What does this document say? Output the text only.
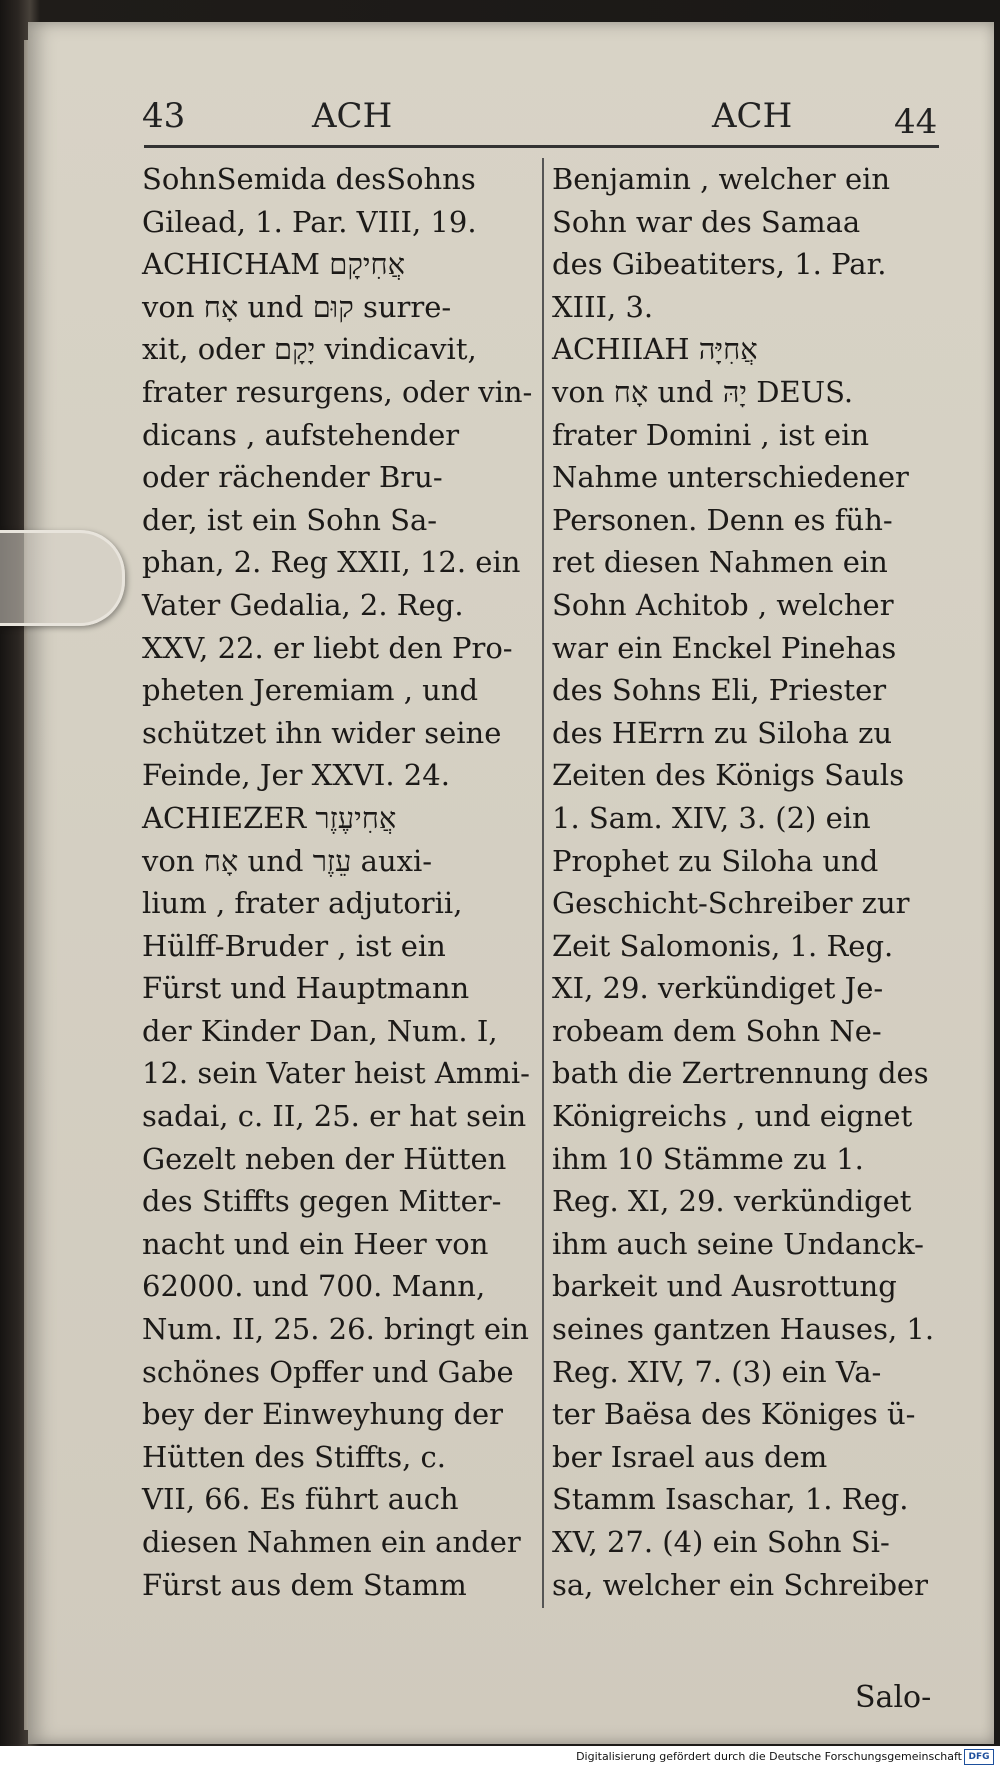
43	ACH	ACH	44
SohnSemida desSohns
Gilead, 1. Par. VIII, 19.
ACHICHAM אֲחִיקָם
von אָח und קוּם surre-
xit, oder יָקָם vindicavit,
frater resurgens, oder vin-
dicans , aufstehender
oder rächender Bru-
der, ist ein Sohn Sa-
phan, 2. Reg XXII, 12. ein
Vater Gedalia, 2. Reg.
XXV, 22. er liebt den Pro-
pheten Jeremiam , und
schützet ihn wider seine
Feinde, Jer XXVI. 24.
ACHIEZER אֲחִיעֶזֶר
von אָח und עֵזֶר auxi-
lium , frater adjutorii,
Hülff-Bruder , ist ein
Fürst und Hauptmann
der Kinder Dan, Num. I,
12. sein Vater heist Ammi-
sadai, c. II, 25. er hat sein
Gezelt neben der Hütten
des Stiffts gegen Mitter-
nacht und ein Heer von
62000. und 700. Mann,
Num. II, 25. 26. bringt ein
schönes Opffer und Gabe
bey der Einweyhung der
Hütten des Stiffts, c.
VII, 66. Es führt auch
diesen Nahmen ein ander
Fürst aus dem Stamm
Benjamin , welcher ein
Sohn war des Samaa
des Gibeatiters, 1. Par.
XIII, 3.
ACHIIAH אֲחִיָּה
von אָח und יָהּ DEUS.
frater Domini , ist ein
Nahme unterschiedener
Personen. Denn es füh-
ret diesen Nahmen ein
Sohn Achitob , welcher
war ein Enckel Pinehas
des Sohns Eli, Priester
des HErrn zu Siloha zu
Zeiten des Königs Sauls
1. Sam. XIV, 3. (2) ein
Prophet zu Siloha und
Geschicht-Schreiber zur
Zeit Salomonis, 1. Reg.
XI, 29. verkündiget Je-
robeam dem Sohn Ne-
bath die Zertrennung des
Königreichs , und eignet
ihm 10 Stämme zu 1.
Reg. XI, 29. verkündiget
ihm auch seine Undanck-
barkeit und Ausrottung
seines gantzen Hauses, 1.
Reg. XIV, 7. (3) ein Va-
ter Baësa des Königes ü-
ber Israel aus dem
Stamm Isaschar, 1. Reg.
XV, 27. (4) ein Sohn Si-
sa, welcher ein Schreiber
Salo-
Digitalisierung gefördert durch die Deutsche Forschungsgemeinschaft DFG
